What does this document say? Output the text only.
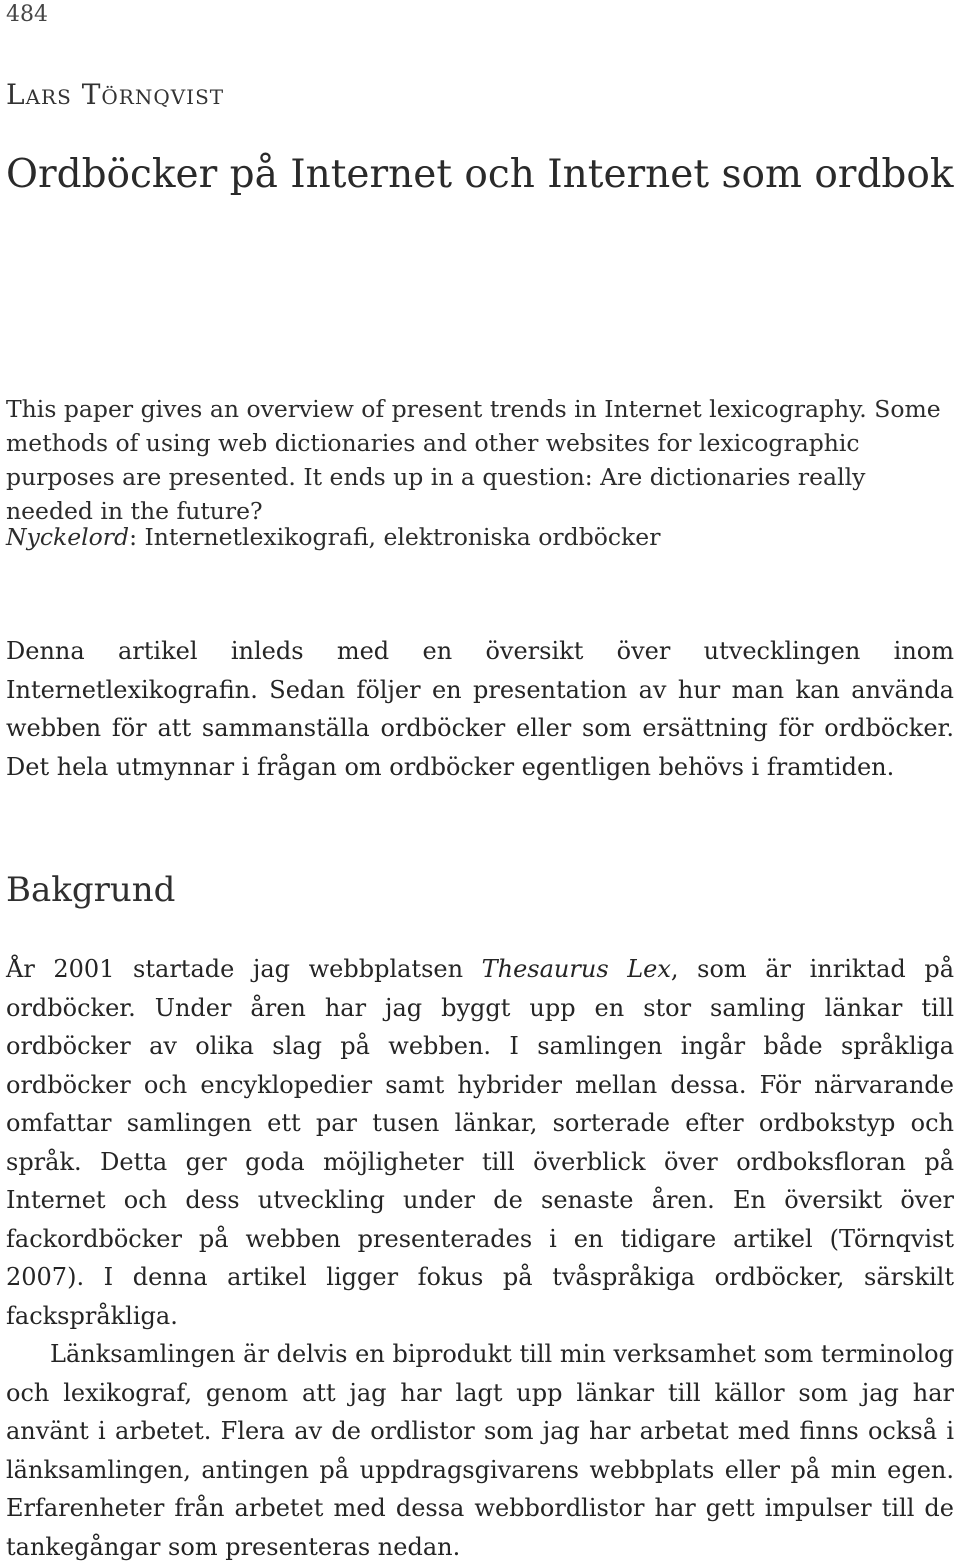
484
Lars Törnqvist
Ordböcker på Internet och Internet som ordbok

This paper gives an overview of present trends in Internet lexicography. Some methods of using web dictionaries and other websites for lexicographic purposes are presented. It ends up in a question: Are dictionaries really needed in the future?

Nyckelord: Internetlexikografi, elektroniska ordböcker

Denna artikel inleds med en översikt över utvecklingen inom Internetlexikografin. Sedan följer en presentation av hur man kan använda webben för att sammanställa ordböcker eller som ersättning för ordböcker. Det hela utmynnar i frågan om ordböcker egentligen behövs i framtiden.

Bakgrund

År 2001 startade jag webbplatsen Thesaurus Lex, som är inriktad på ordböcker. Under åren har jag byggt upp en stor samling länkar till ordböcker av olika slag på webben. I samlingen ingår både språkliga ordböcker och encyklopedier samt hybrider mellan dessa. För närvarande omfattar samlingen ett par tusen länkar, sorterade efter ordbokstyp och språk. Detta ger goda möjligheter till överblick över ordboksfloran på Internet och dess utveckling under de senaste åren. En översikt över fackordböcker på webben presenterades i en tidigare artikel (Törnqvist 2007). I denna artikel ligger fokus på tvåspråkiga ordböcker, särskilt fackspråkliga.

Länksamlingen är delvis en biprodukt till min verksamhet som terminolog och lexikograf, genom att jag har lagt upp länkar till källor som jag har använt i arbetet. Flera av de ordlistor som jag har arbetat med finns också i länksamlingen, antingen på uppdragsgivarens webbplats eller på min egen. Erfarenheter från arbetet med dessa webbordlistor har gett impulser till de tankegångar som presenteras nedan.
